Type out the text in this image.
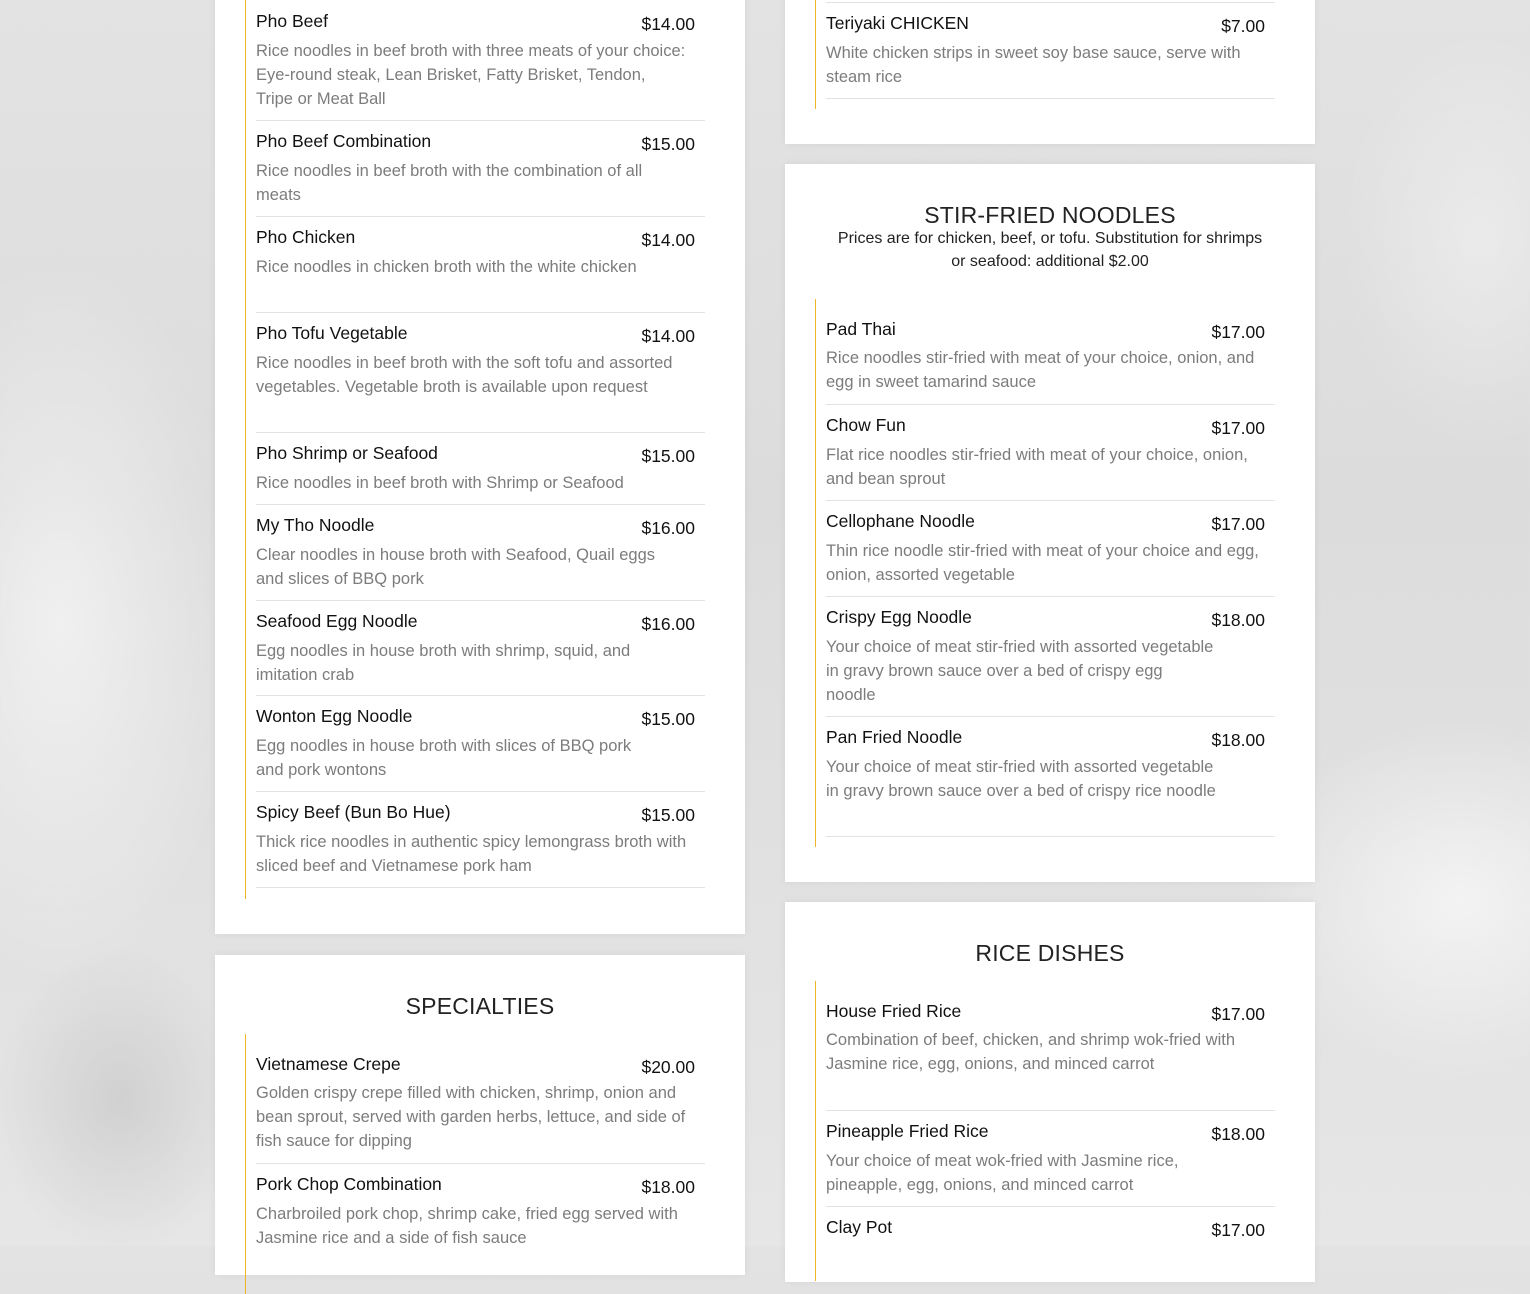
Pho Beef	$14.00
Rice noodles in beef broth with three meats of your choice: Eye-round steak, Lean Brisket, Fatty Brisket, Tendon, Tripe or Meat Ball
Pho Beef Combination	$15.00
Rice noodles in beef broth with the combination of all meats
Pho Chicken	$14.00
Rice noodles in chicken broth with the white chicken
Pho Tofu Vegetable	$14.00
Rice noodles in beef broth with the soft tofu and assorted vegetables. Vegetable broth is available upon request
Pho Shrimp or Seafood	$15.00
Rice noodles in beef broth with Shrimp or Seafood
My Tho Noodle	$16.00
Clear noodles in house broth with Seafood, Quail eggs and slices of BBQ pork
Seafood Egg Noodle	$16.00
Egg noodles in house broth with shrimp, squid, and imitation crab
Wonton Egg Noodle	$15.00
Egg noodles in house broth with slices of BBQ pork and pork wontons
Spicy Beef (Bun Bo Hue)	$15.00
Thick rice noodles in authentic spicy lemongrass broth with sliced beef and Vietnamese pork ham
SPECIALTIES
Vietnamese Crepe	$20.00
Golden crispy crepe filled with chicken, shrimp, onion and bean sprout, served with garden herbs, lettuce, and side of fish sauce for dipping
Pork Chop Combination	$18.00
Charbroiled pork chop, shrimp cake, fried egg served with Jasmine rice and a side of fish sauce
Teriyaki CHICKEN	$7.00
White chicken strips in sweet soy base sauce, serve with steam rice
STIR-FRIED NOODLES

Prices are for chicken, beef, or tofu. Substitution for shrimps or seafood: additional $2.00

Pad Thai	$17.00
Rice noodles stir-fried with meat of your choice, onion, and egg in sweet tamarind sauce
Chow Fun	$17.00
Flat rice noodles stir-fried with meat of your choice, onion, and bean sprout
Cellophane Noodle	$17.00
Thin rice noodle stir-fried with meat of your choice and egg, onion, assorted vegetable
Crispy Egg Noodle	$18.00
Your choice of meat stir-fried with assorted vegetable in gravy brown sauce over a bed of crispy egg noodle
Pan Fried Noodle	$18.00
Your choice of meat stir-fried with assorted vegetable in gravy brown sauce over a bed of crispy rice noodle
RICE DISHES
House Fried Rice	$17.00
Combination of beef, chicken, and shrimp wok-fried with Jasmine rice, egg, onions, and minced carrot
Pineapple Fried Rice	$18.00
Your choice of meat wok-fried with Jasmine rice, pineapple, egg, onions, and minced carrot
Clay Pot	$17.00
